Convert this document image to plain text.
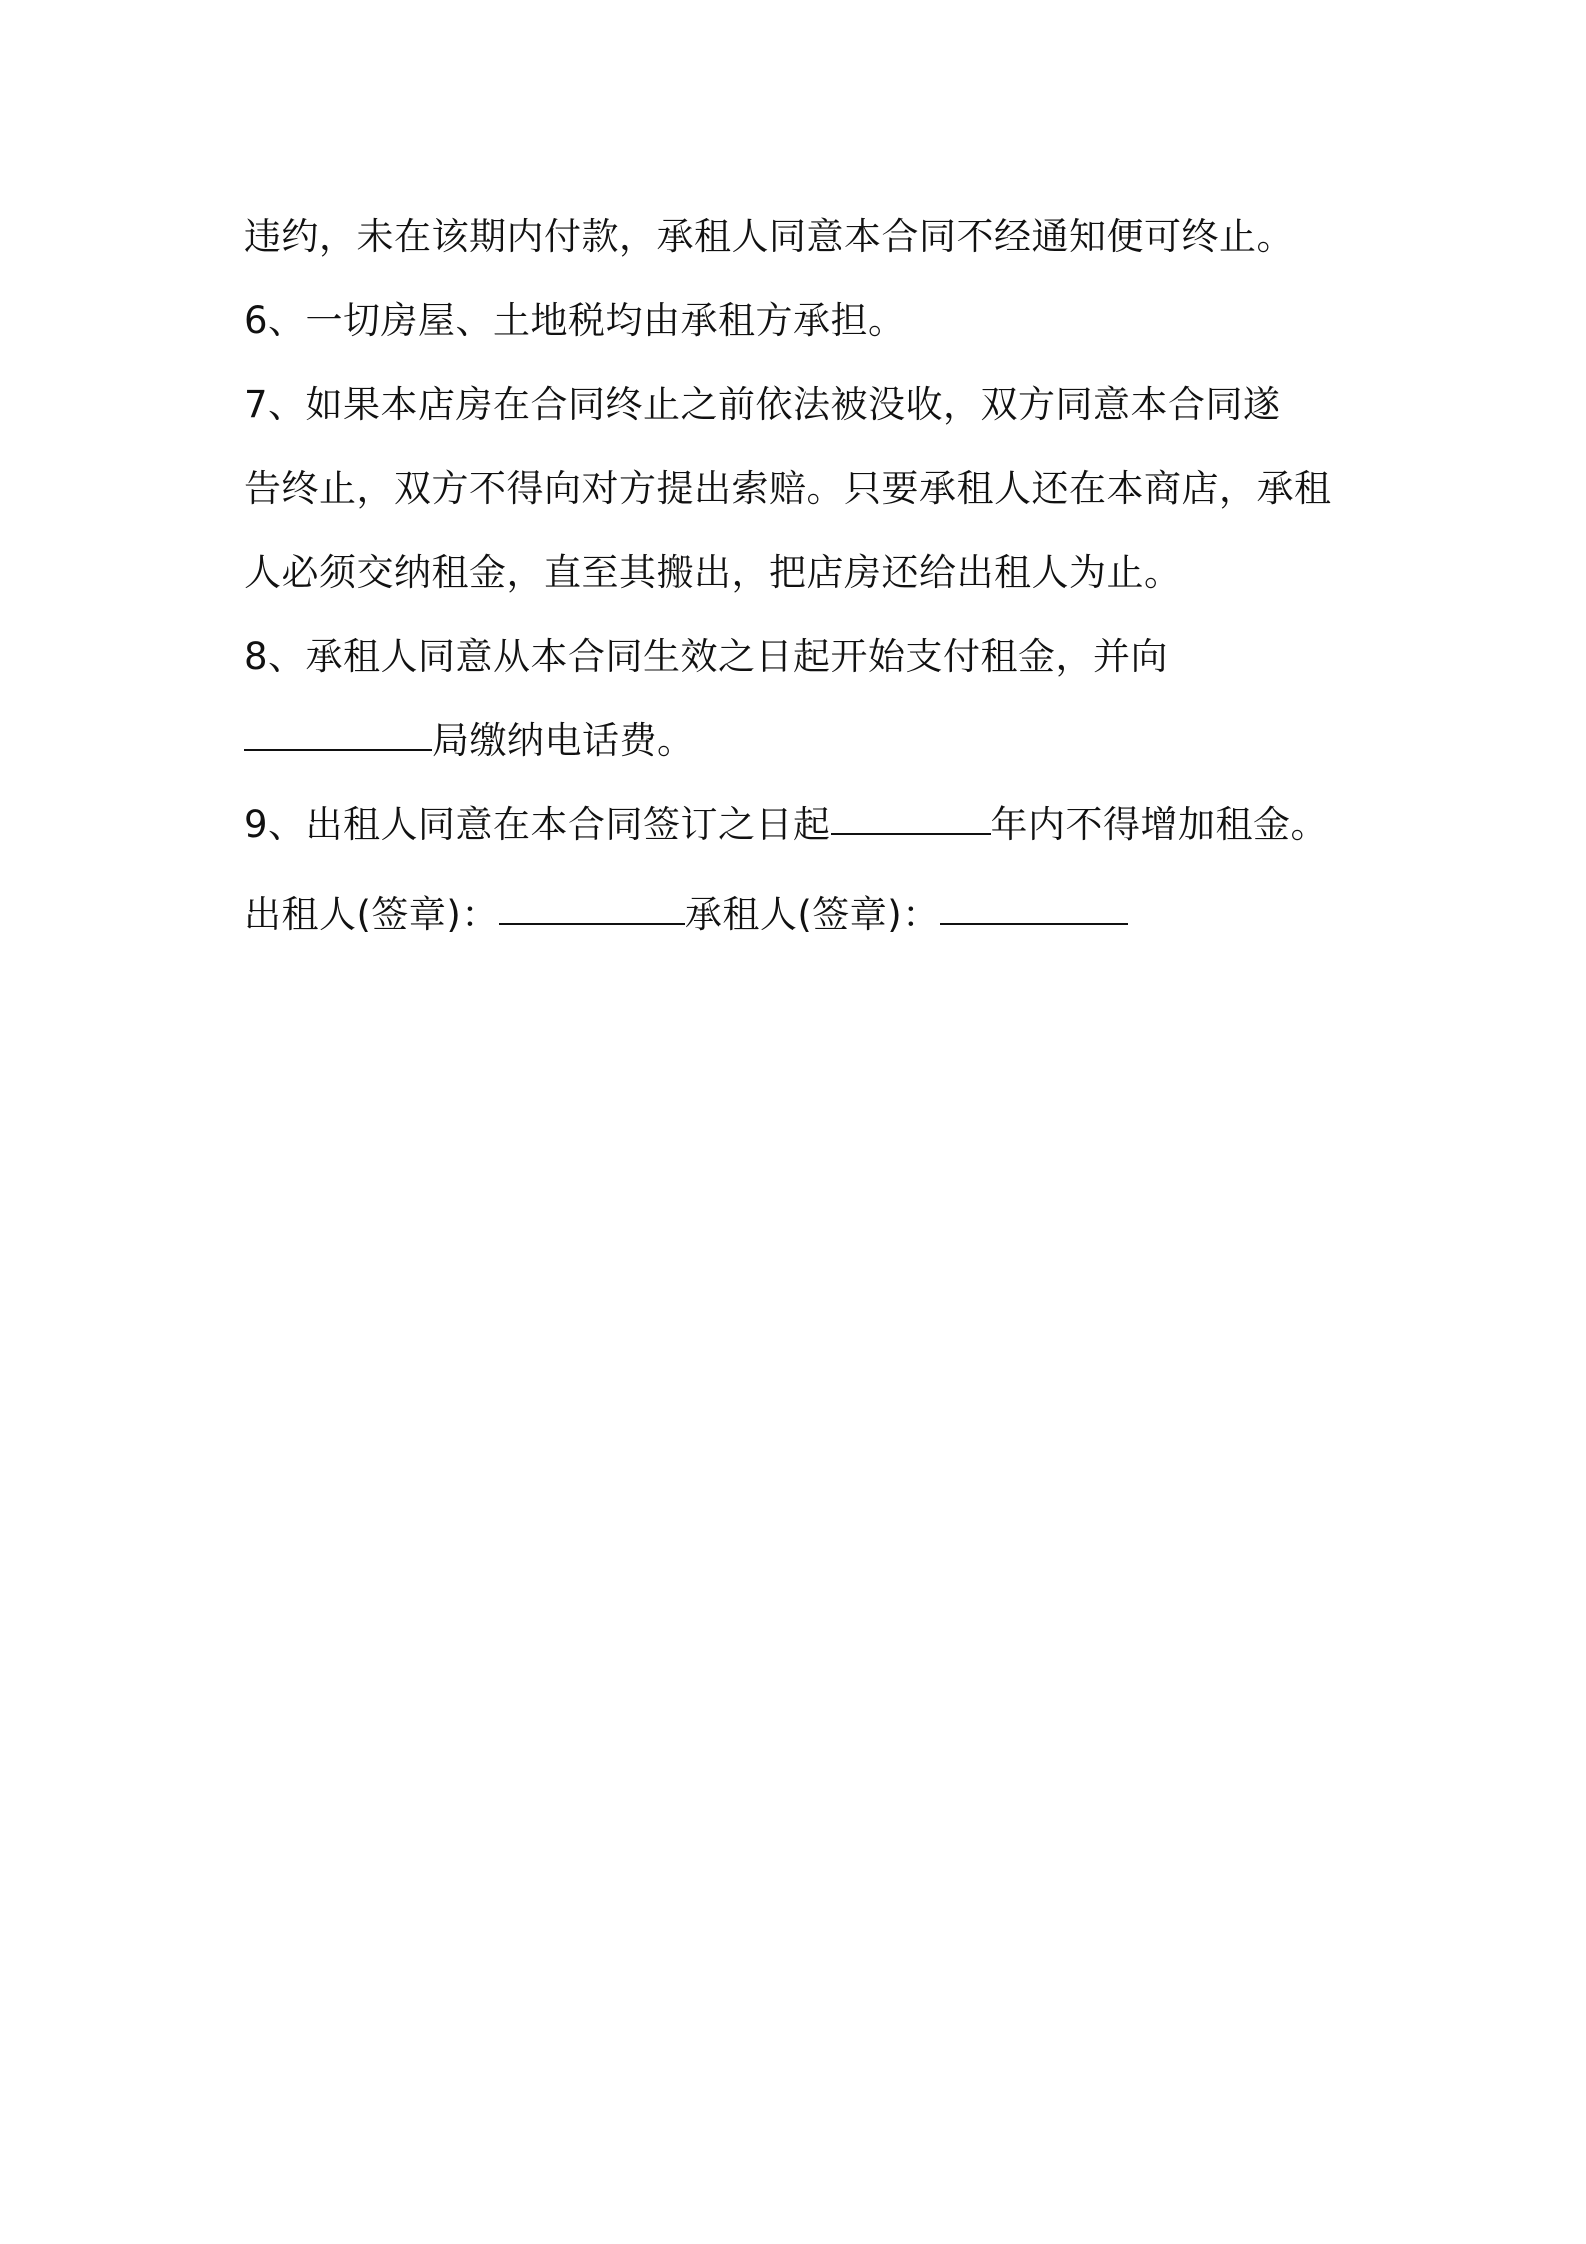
违约，未在该期内付款，承租人同意本合同不经通知便可终止。

6、一切房屋、土地税均由承租方承担。

7、如果本店房在合同终止之前依法被没收，双方同意本合同遂

告终止，双方不得向对方提出索赔。只要承租人还在本商店，承租

人必须交纳租金，直至其搬出，把店房还给出租人为止。

8、承租人同意从本合同生效之日起开始支付租金，并向

局缴纳电话费。

9、出租人同意在本合同签订之日起	年内不得增加租金。

出租人(签章)：	承租人(签章)：
